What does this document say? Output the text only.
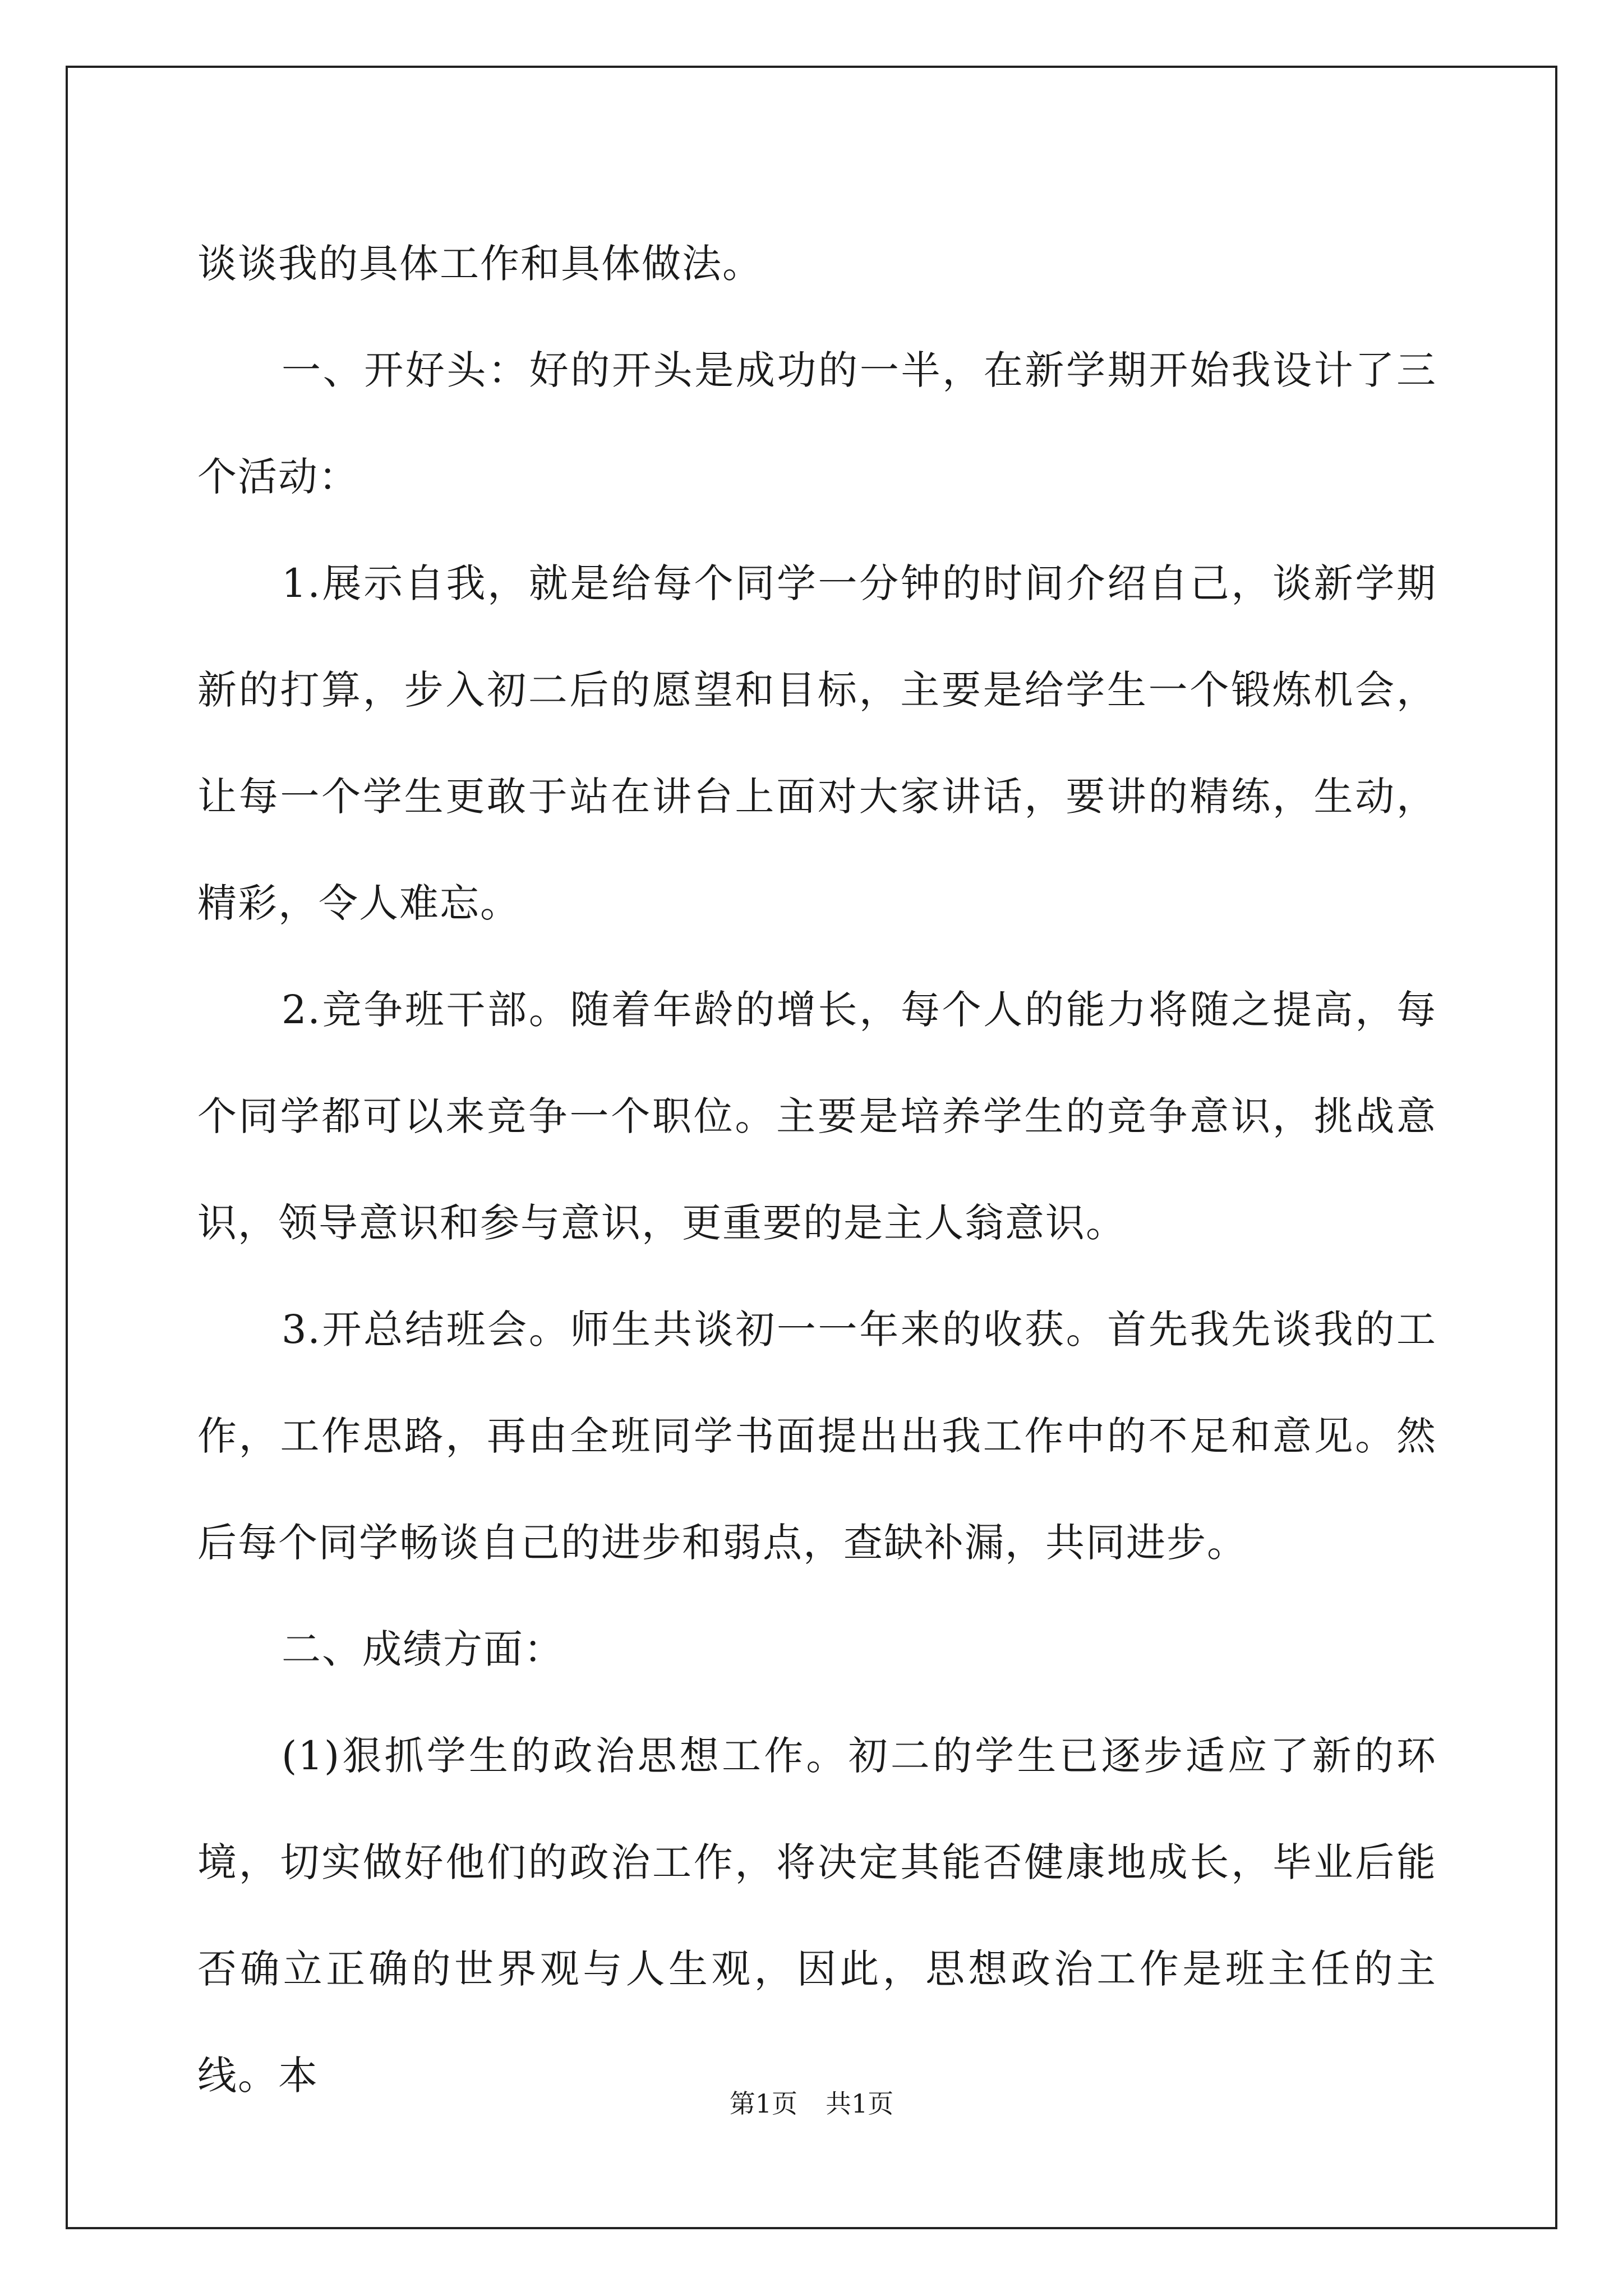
谈谈我的具体工作和具体做法。

一、开好头：好的开头是成功的一半，在新学期开始我设计了三个活动：

1.展示自我，就是给每个同学一分钟的时间介绍自己，谈新学期新的打算，步入初二后的愿望和目标，主要是给学生一个锻炼机会，让每一个学生更敢于站在讲台上面对大家讲话，要讲的精练，生动，精彩，令人难忘。

2.竞争班干部。随着年龄的增长，每个人的能力将随之提高，每个同学都可以来竞争一个职位。主要是培养学生的竞争意识，挑战意识，领导意识和参与意识，更重要的是主人翁意识。

3.开总结班会。师生共谈初一一年来的收获。首先我先谈我的工作，工作思路，再由全班同学书面提出出我工作中的不足和意见。然后每个同学畅谈自己的进步和弱点，查缺补漏，共同进步。

二、成绩方面：

(1)狠抓学生的政治思想工作。初二的学生已逐步适应了新的环境，切实做好他们的政治工作，将决定其能否健康地成长，毕业后能否确立正确的世界观与人生观，因此，思想政治工作是班主任的主线。本

第1页 共1页
